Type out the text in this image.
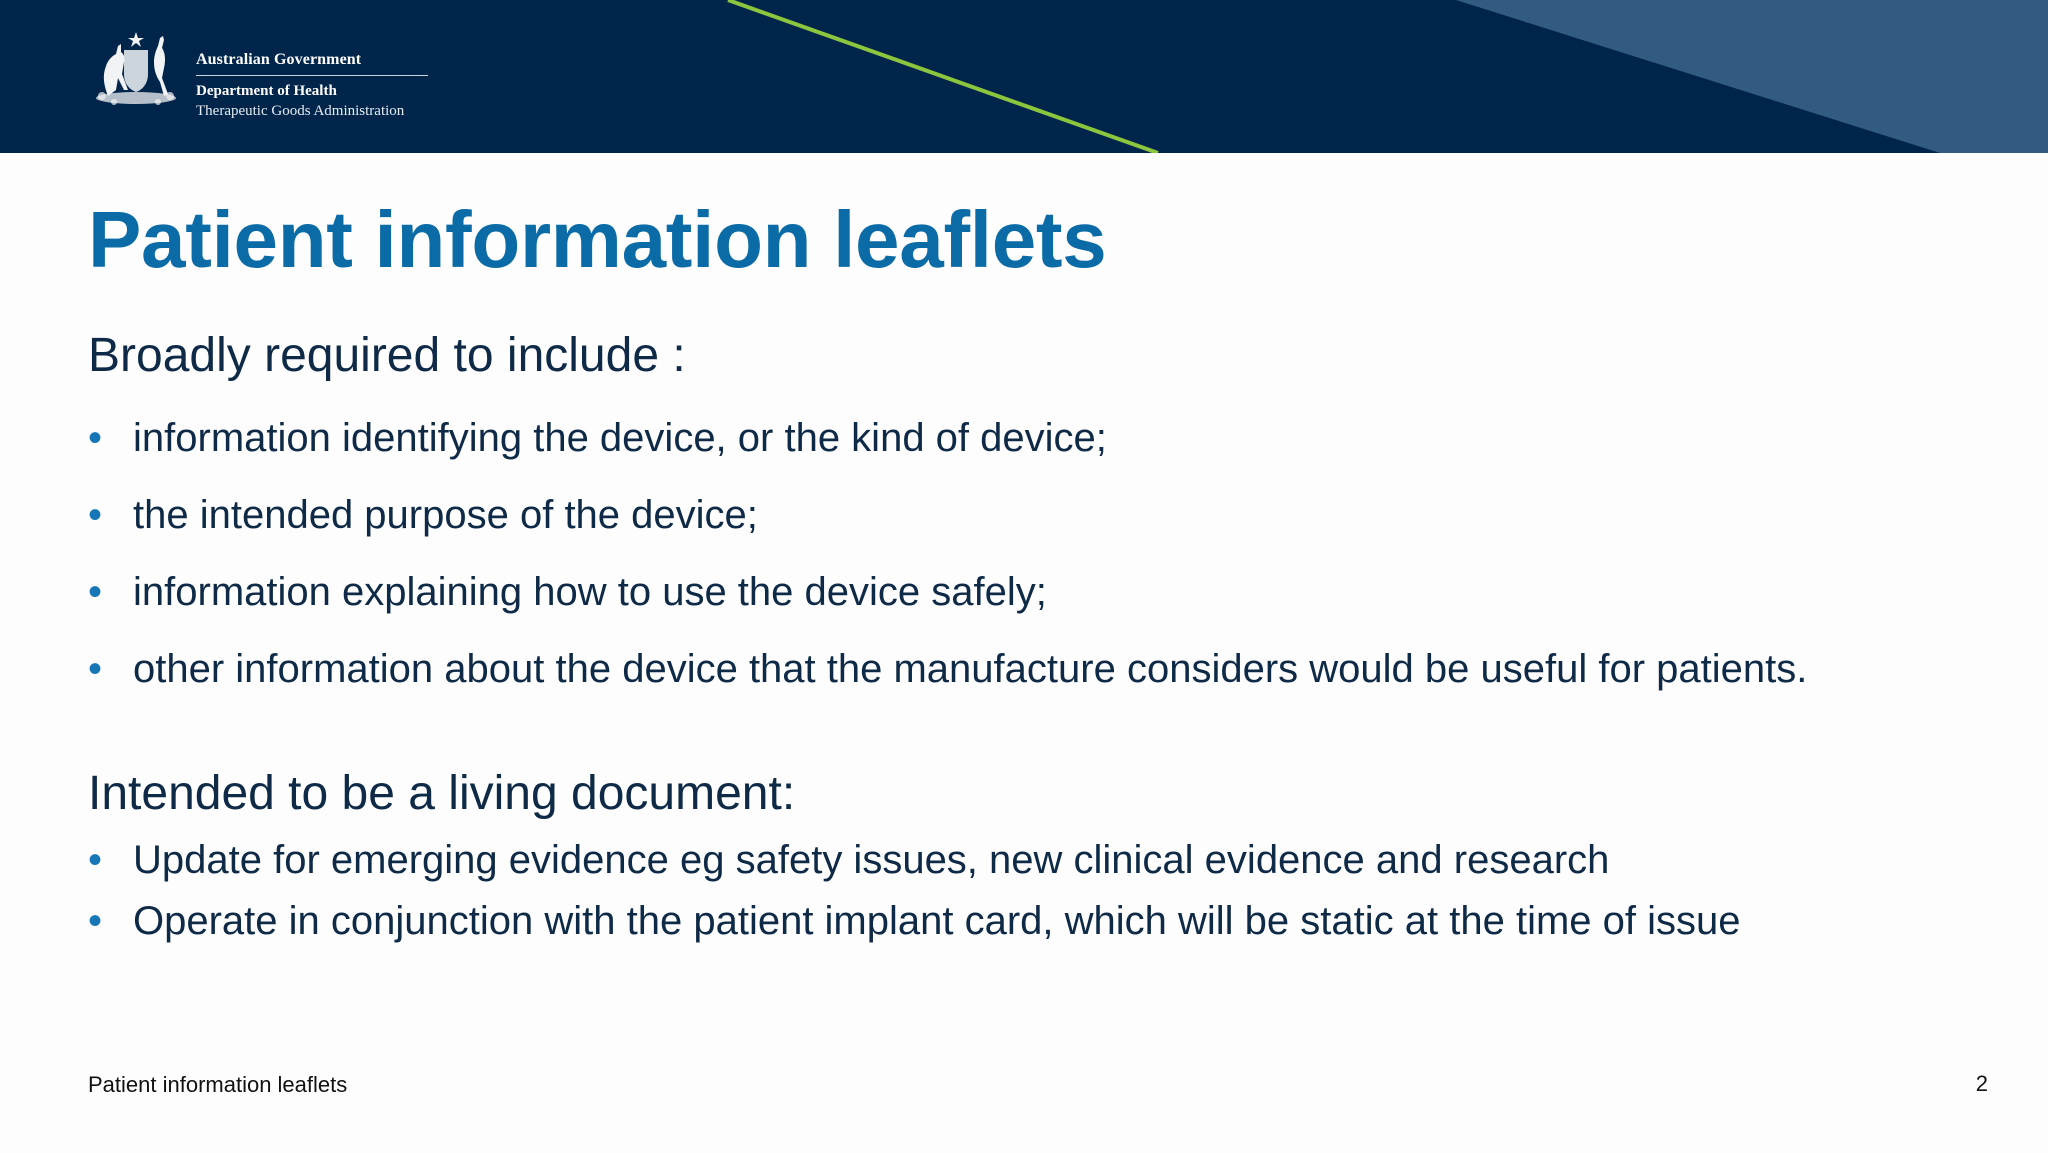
Australian Government
Department of Health
Therapeutic Goods Administration
Patient information leaflets
Broadly required to include :
• information identifying the device, or the kind of device;
• the intended purpose of the device;
• information explaining how to use the device safely;
• other information about the device that the manufacture considers would be useful for patients.
Intended to be a living document:
• Update for emerging evidence eg safety issues, new clinical evidence and research
• Operate in conjunction with the patient implant card, which will be static at the time of issue
Patient information leaflets	2
